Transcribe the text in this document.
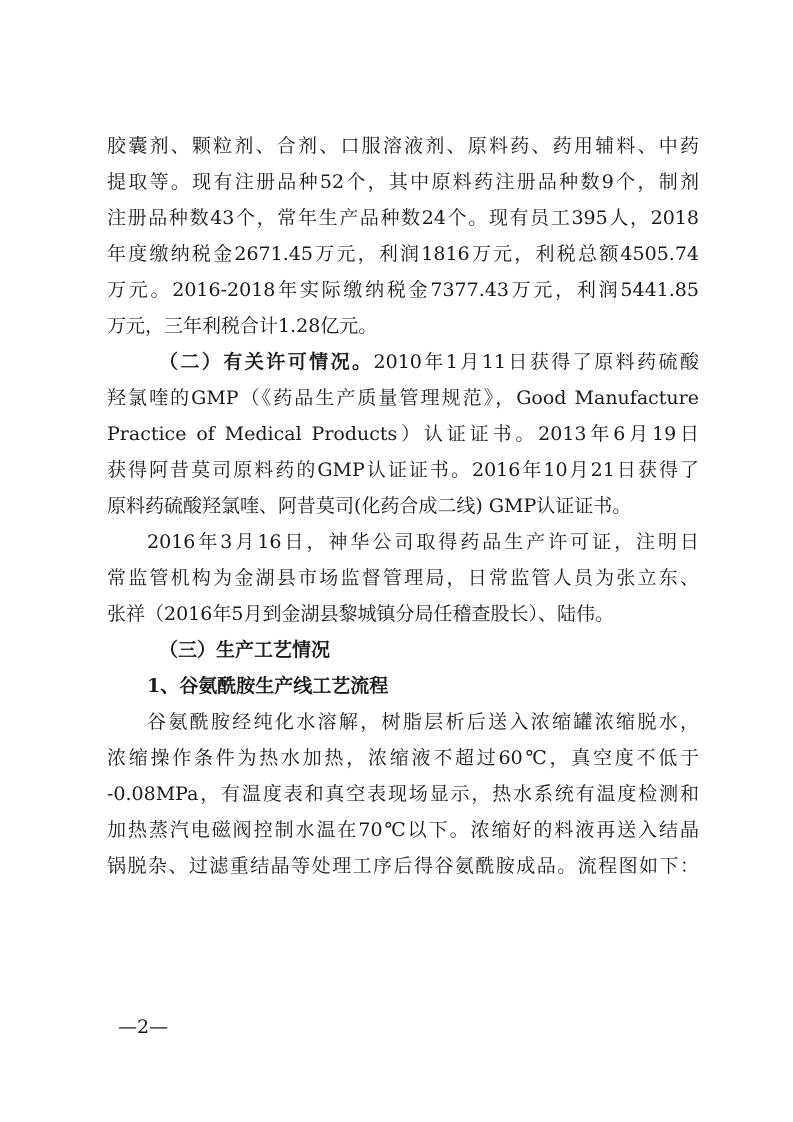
胶囊剂、颗粒剂、合剂、口服溶液剂、原料药、药用辅料、中药
提取等。现有注册品种52个，其中原料药注册品种数9个，制剂
注册品种数43个，常年生产品种数24个。现有员工395人，2018
年度缴纳税金2671.45万元，利润1816万元，利税总额4505.74
万元。2016-2018年实际缴纳税金7377.43万元，利润5441.85
万元，三年利税合计1.28亿元。
（二）有关许可情况。2010年1月11日获得了原料药硫酸
羟氯喹的GMP（《药品生产质量管理规范》，Good Manufacture
Practice of Medical Products）认证证书。2013年6月19日
获得阿昔莫司原料药的GMP认证证书。2016年10月21日获得了
原料药硫酸羟氯喹、阿昔莫司(化药合成二线) GMP认证证书。
2016年3月16日，神华公司取得药品生产许可证，注明日
常监管机构为金湖县市场监督管理局，日常监管人员为张立东、
张祥（2016年5月到金湖县黎城镇分局任稽查股长）、陆伟。
（三）生产工艺情况
1、谷氨酰胺生产线工艺流程
谷氨酰胺经纯化水溶解，树脂层析后送入浓缩罐浓缩脱水，
浓缩操作条件为热水加热，浓缩液不超过60℃，真空度不低于
-0.08MPa，有温度表和真空表现场显示，热水系统有温度检测和
加热蒸汽电磁阀控制水温在70℃以下。浓缩好的料液再送入结晶
锅脱杂、过滤重结晶等处理工序后得谷氨酰胺成品。流程图如下：
—2—
